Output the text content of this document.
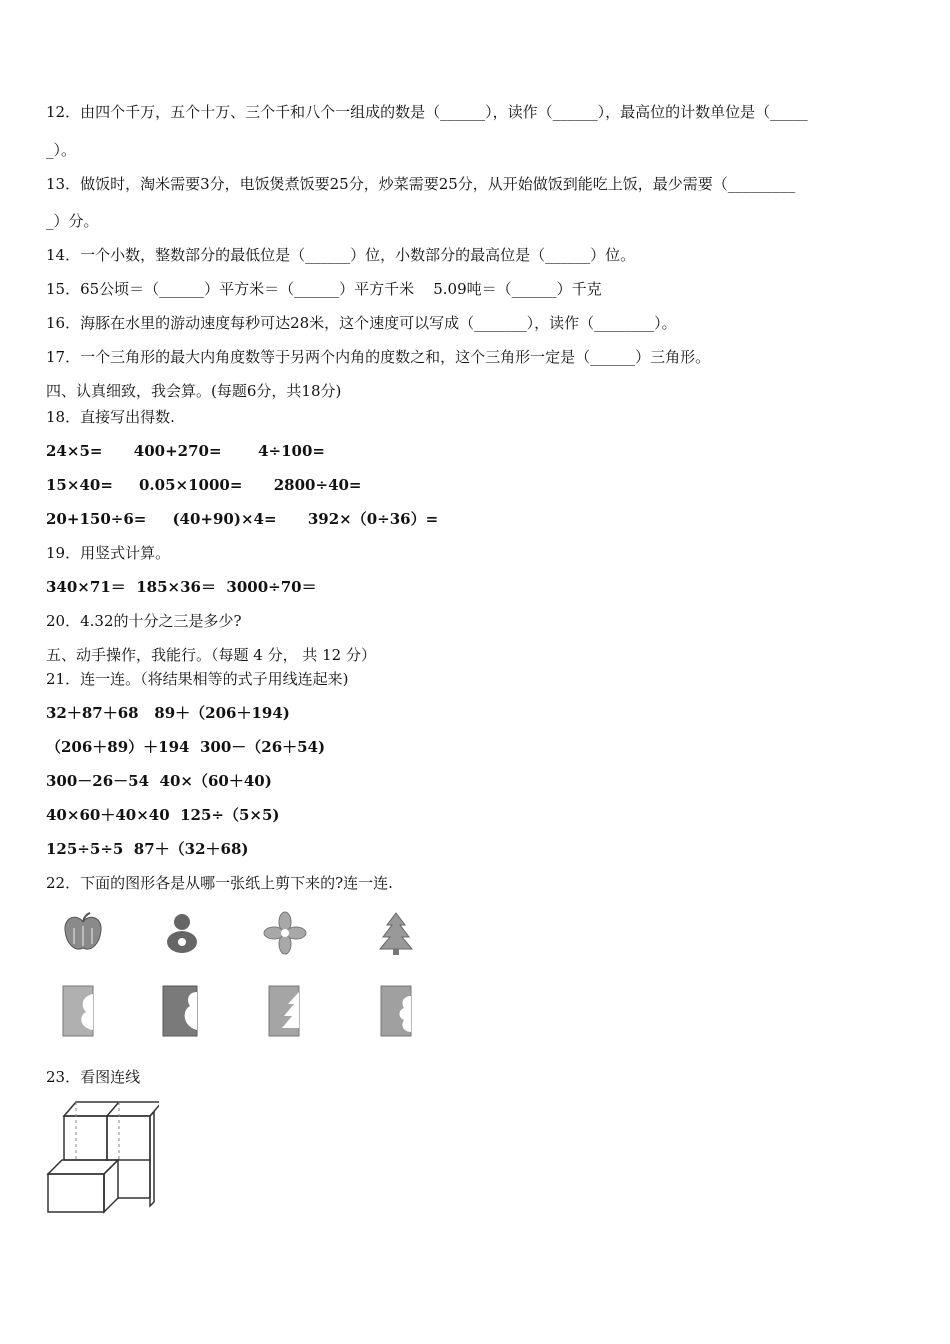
12．由四个千万，五个十万、三个千和八个一组成的数是（______），读作（______），最高位的计数单位是（_____
_）。
13．做饭时，淘米需要3分，电饭煲煮饭要25分，炒菜需要25分，从开始做饭到能吃上饭，最少需要（_________
_）分。
14．一个小数，整数部分的最低位是（______）位，小数部分的最高位是（______）位。
15．65公顷＝（______）平方米＝（______）平方千米    5.09吨＝（______）千克
16．海豚在水里的游动速度每秒可达28米，这个速度可以写成（_______），读作（________）。
17．一个三角形的最大内角度数等于另两个内角的度数之和，这个三角形一定是（______）三角形。
四、认真细致，我会算。(每题6分，共18分)
18．直接写出得数.
24×5=      400+270=       4÷100=
15×40=     0.05×1000=      2800÷40=
20+150÷6=     (40+90)×4=      392×（0÷36）=
19．用竖式计算。
340×71＝  185×36＝  3000÷70＝
20．4.32的十分之三是多少?
五、动手操作，我能行。（每题 4 分， 共 12 分）
21．连一连。（将结果相等的式子用线连起来)
32＋87＋68   89＋（206＋194)
（206＋89）＋194  300－（26＋54)
300－26－54  40×（60＋40)
40×60＋40×40  125÷（5×5)
125÷5÷5  87＋（32＋68)
22．下面的图形各是从哪一张纸上剪下来的?连一连.
23．看图连线
